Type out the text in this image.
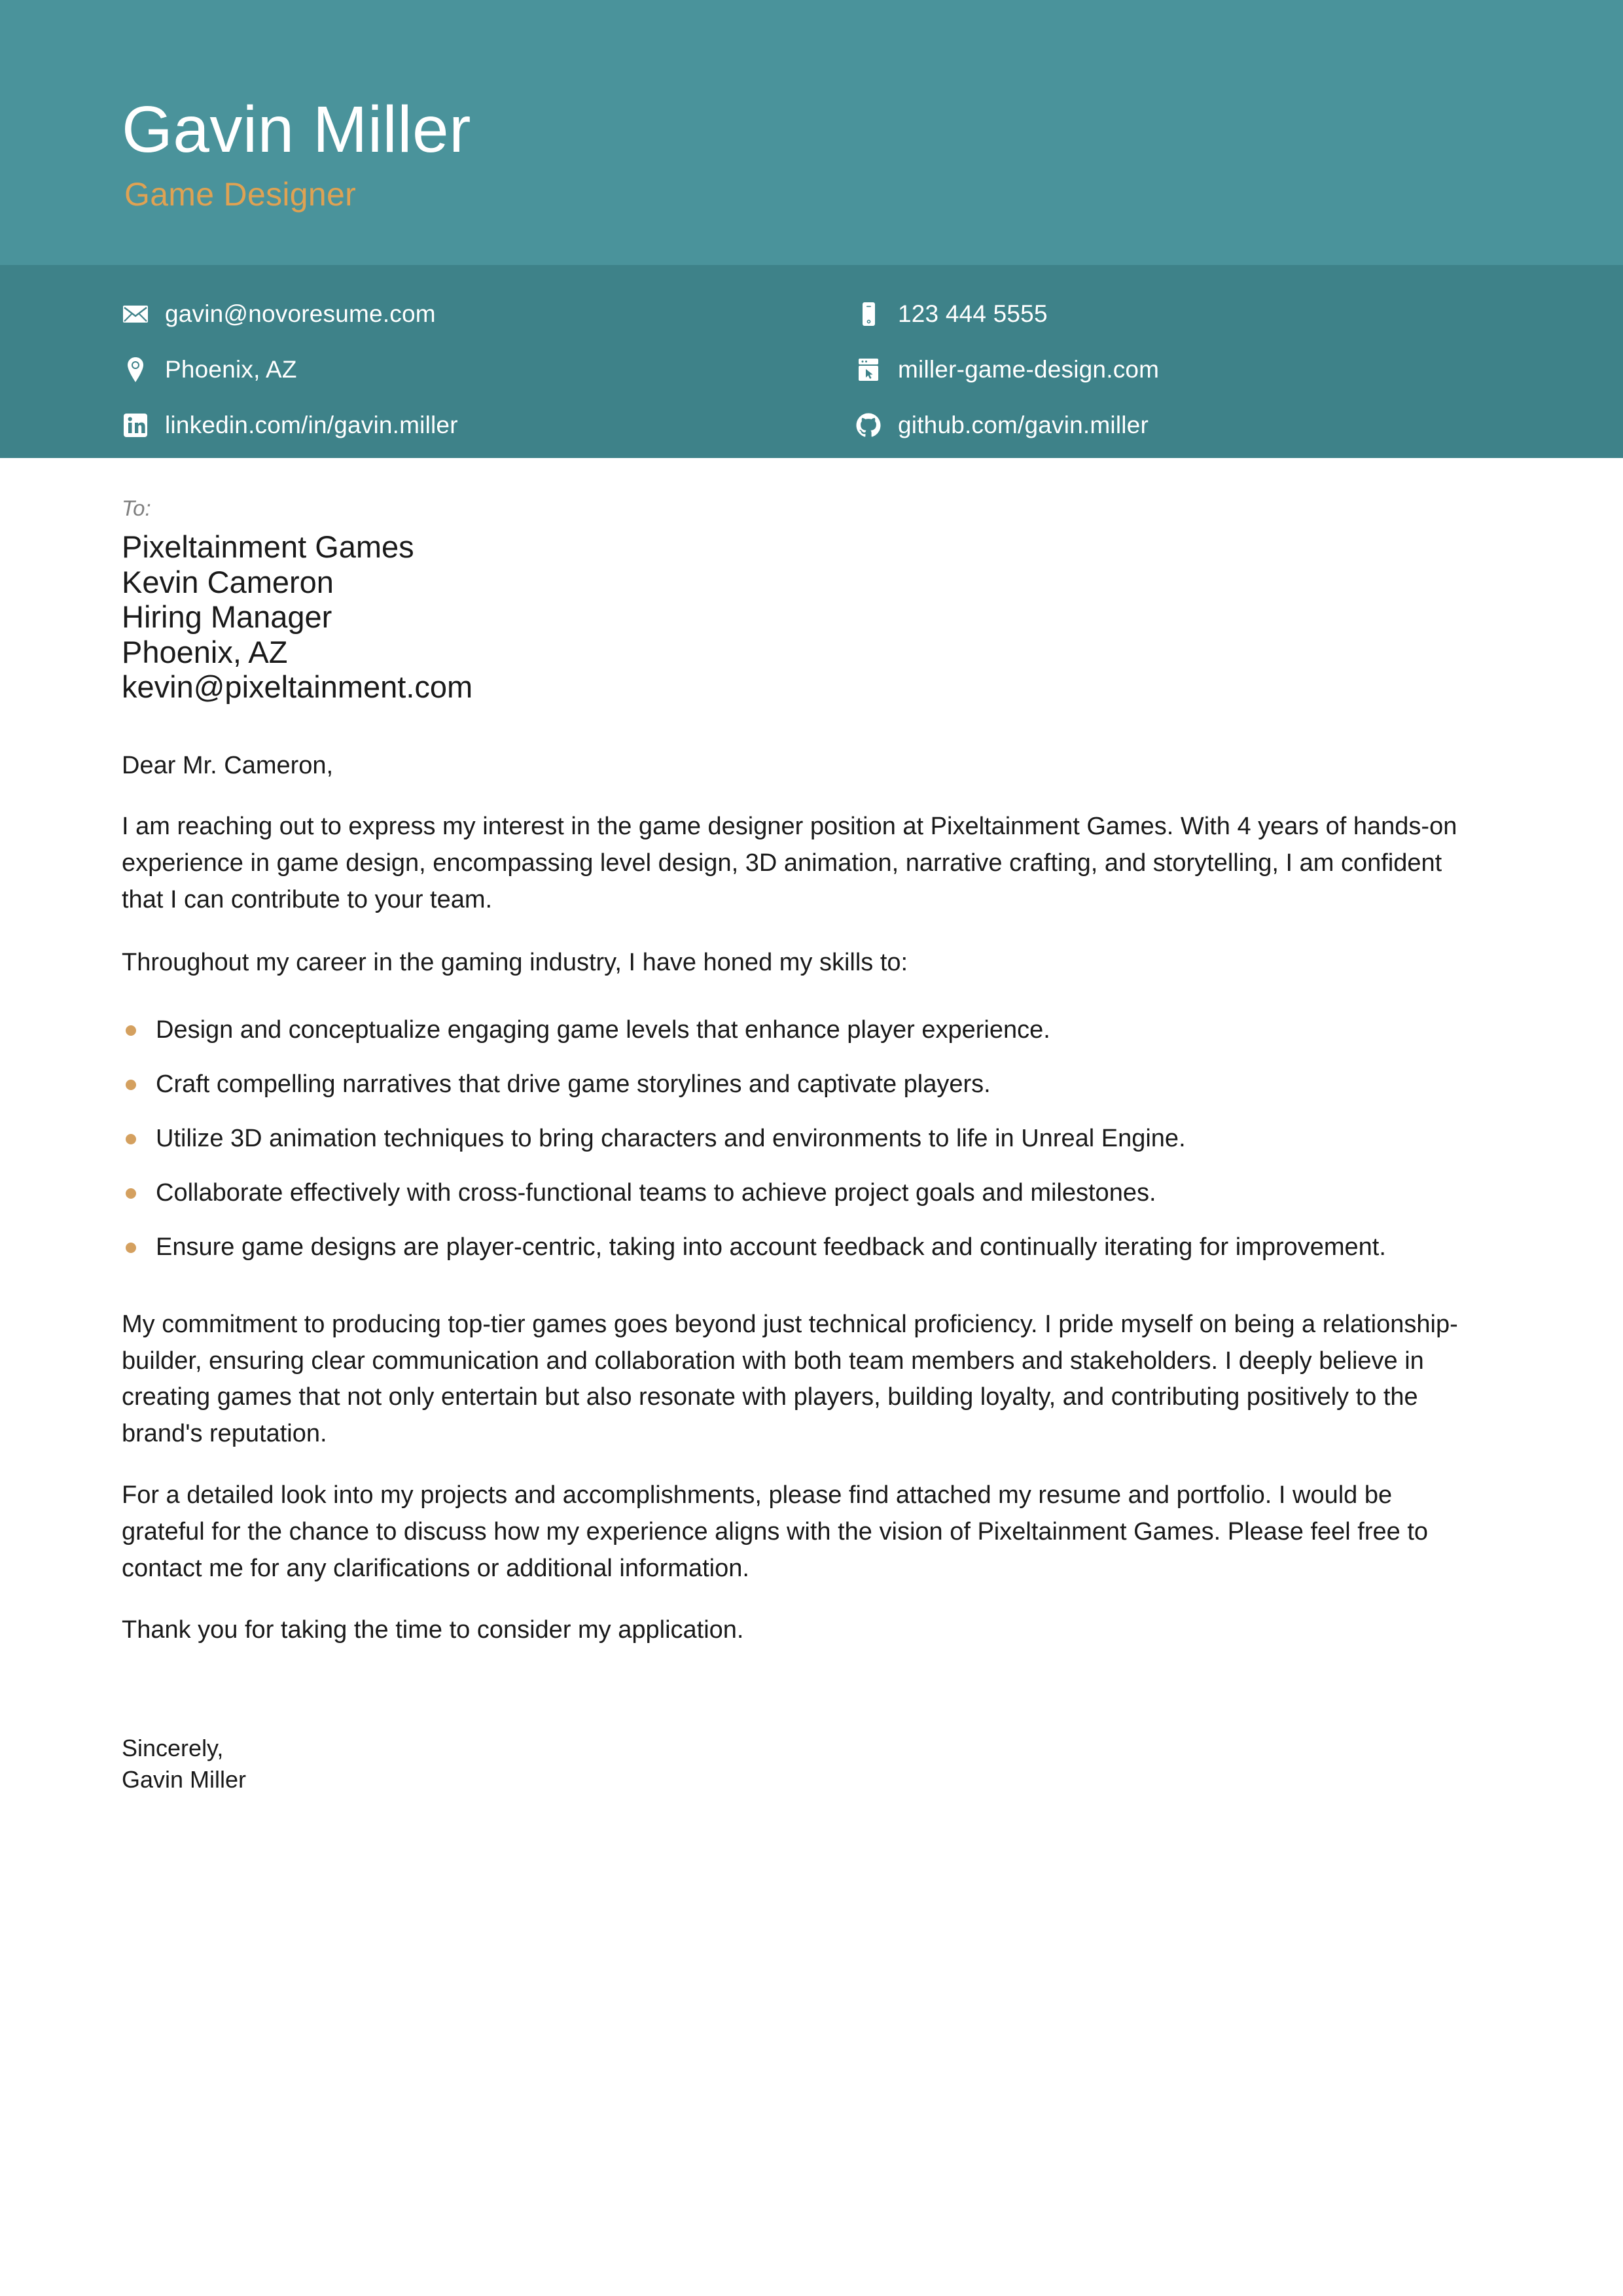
Gavin Miller
Game Designer
gavin@novoresume.com	123 444 5555
Phoenix, AZ	miller-game-design.com
linkedin.com/in/gavin.miller	github.com/gavin.miller
To:
Pixeltainment Games
Kevin Cameron
Hiring Manager
Phoenix, AZ
kevin@pixeltainment.com
Dear Mr. Cameron,
I am reaching out to express my interest in the game designer position at Pixeltainment Games. With 4 years of hands-on experience in game design, encompassing level design, 3D animation, narrative crafting, and storytelling, I am confident that I can contribute to your team.
Throughout my career in the gaming industry, I have honed my skills to:
Design and conceptualize engaging game levels that enhance player experience.
Craft compelling narratives that drive game storylines and captivate players.
Utilize 3D animation techniques to bring characters and environments to life in Unreal Engine.
Collaborate effectively with cross-functional teams to achieve project goals and milestones.
Ensure game designs are player-centric, taking into account feedback and continually iterating for improvement.
My commitment to producing top-tier games goes beyond just technical proficiency. I pride myself on being a relationship-builder, ensuring clear communication and collaboration with both team members and stakeholders. I deeply believe in creating games that not only entertain but also resonate with players, building loyalty, and contributing positively to the brand's reputation.
For a detailed look into my projects and accomplishments, please find attached my resume and portfolio. I would be grateful for the chance to discuss how my experience aligns with the vision of Pixeltainment Games. Please feel free to contact me for any clarifications or additional information.
Thank you for taking the time to consider my application.
Sincerely,
Gavin Miller
